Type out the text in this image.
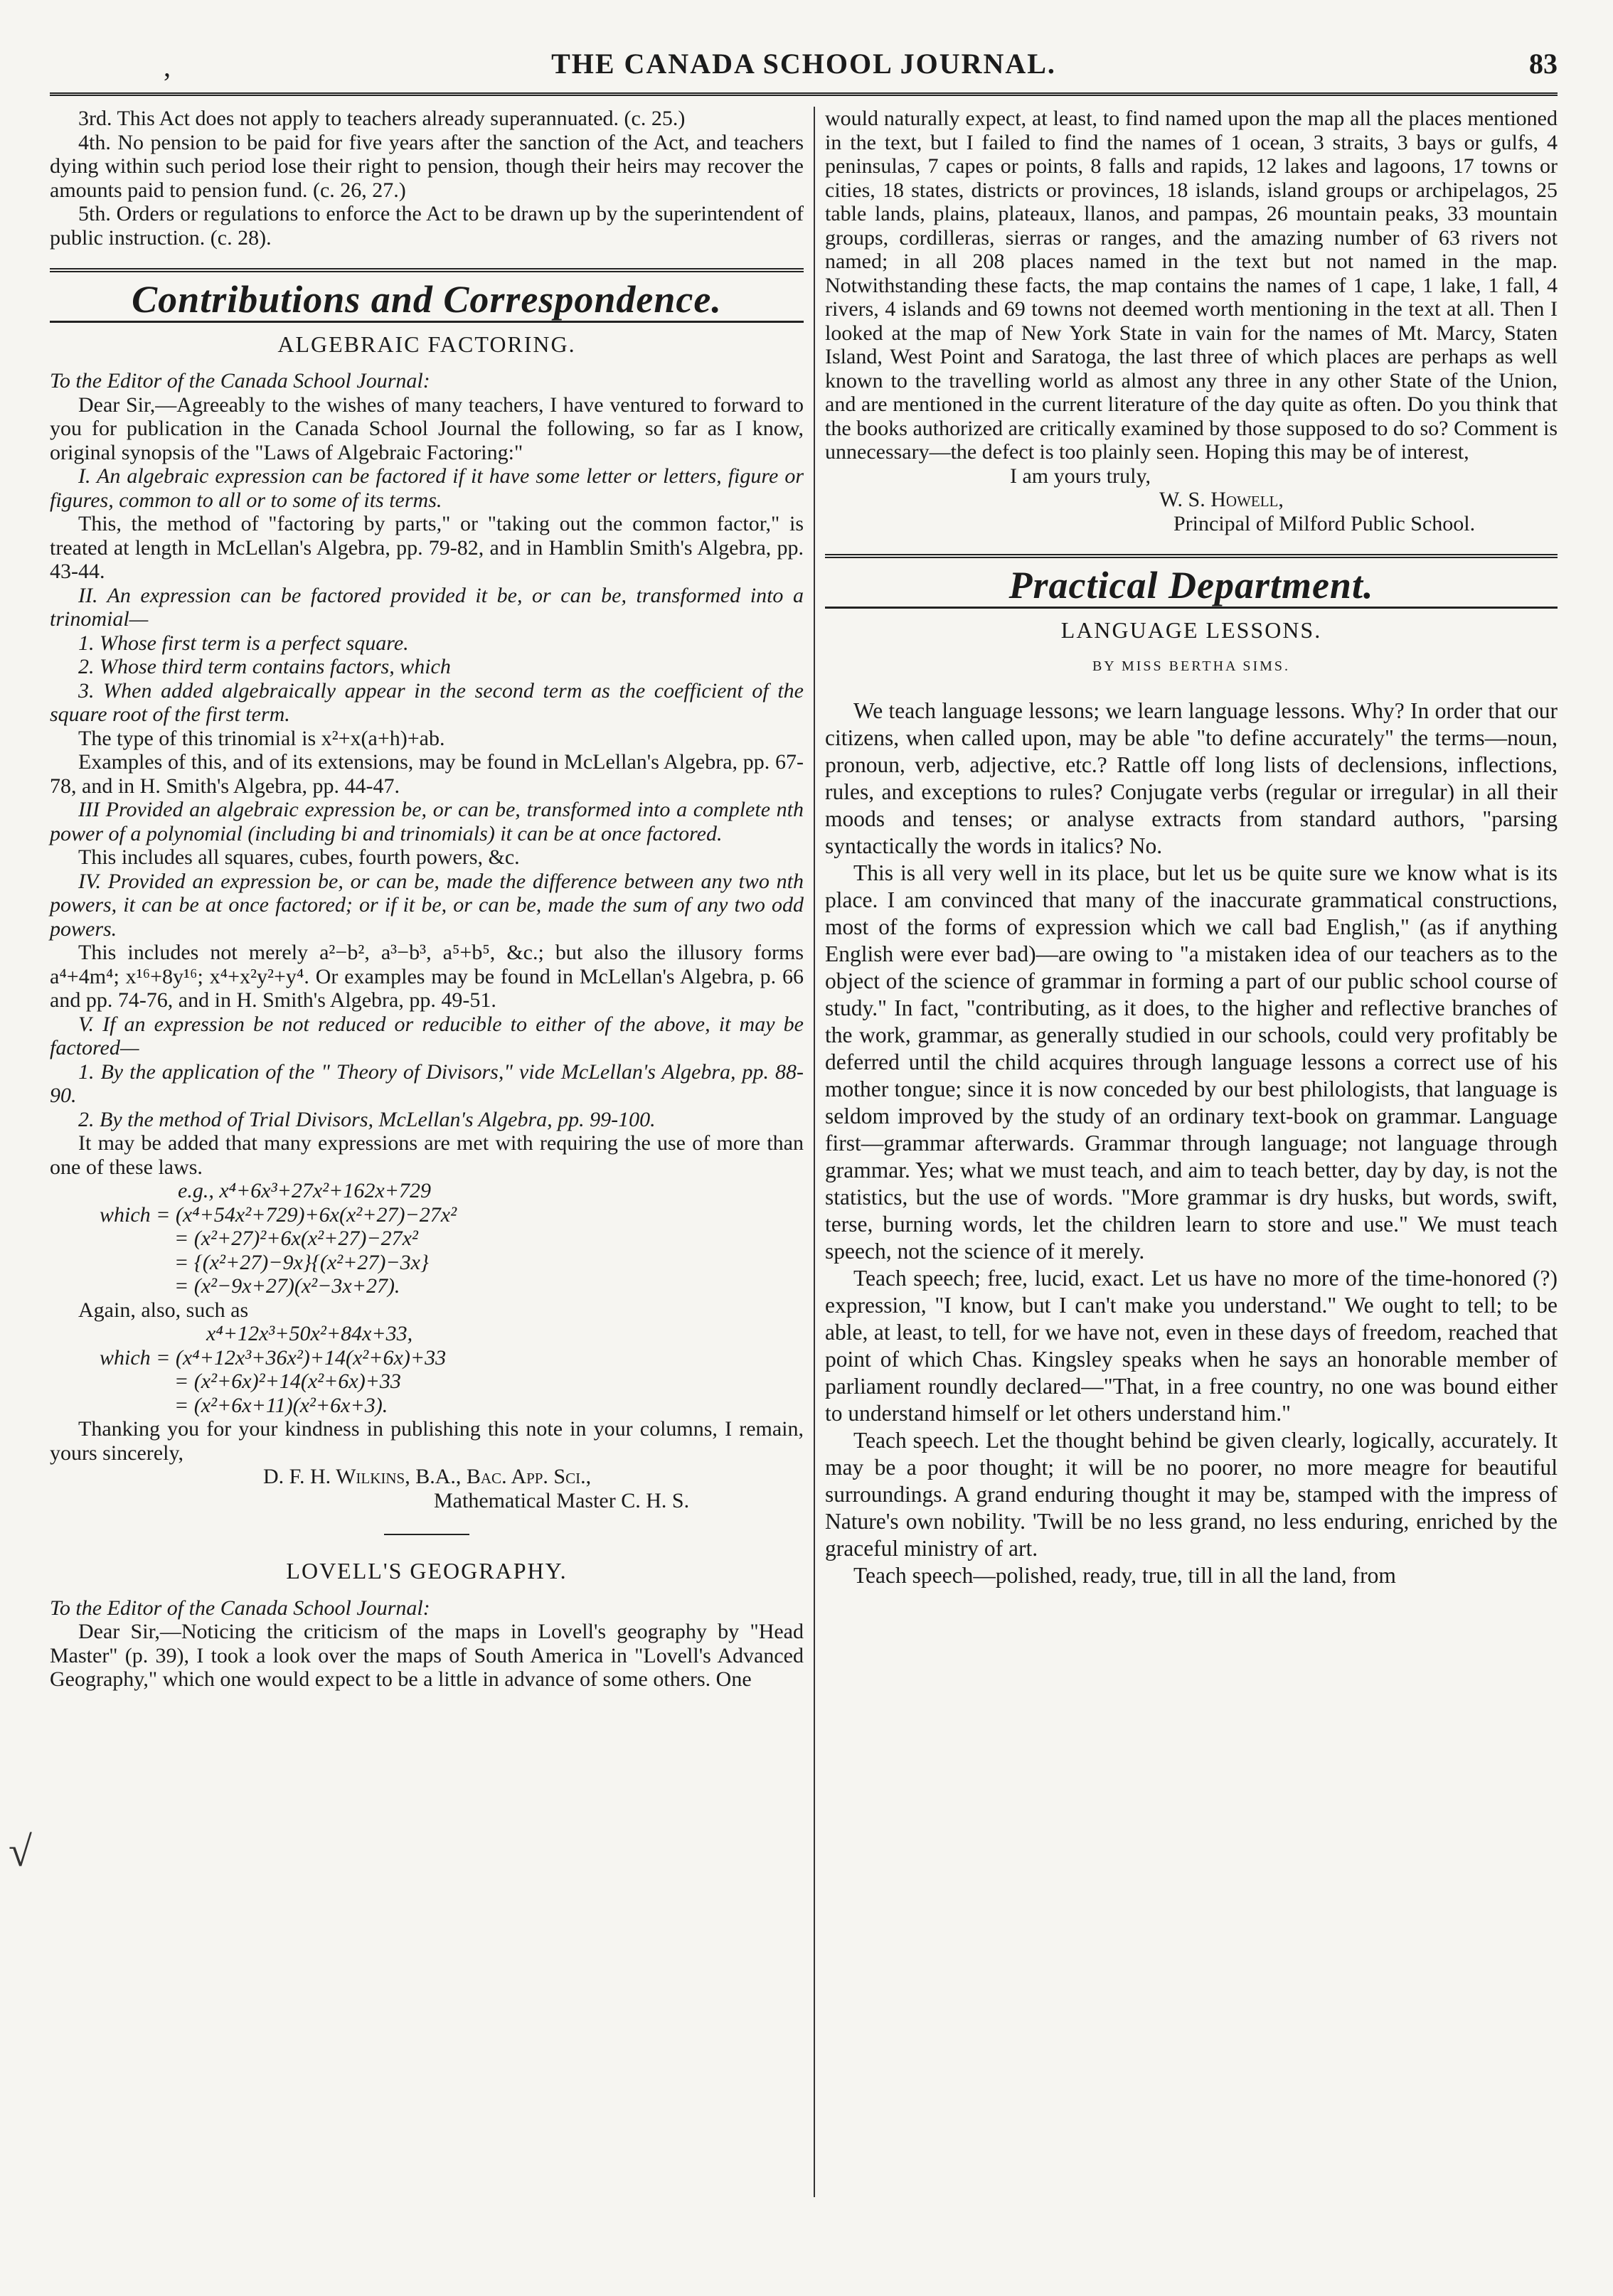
,	THE CANADA SCHOOL JOURNAL.	83
√

3rd. This Act does not apply to teachers already superannuated. (c. 25.)

4th. No pension to be paid for five years after the sanction of the Act, and teachers dying within such period lose their right to pension, though their heirs may recover the amounts paid to pension fund. (c. 26, 27.)

5th. Orders or regulations to enforce the Act to be drawn up by the superintendent of public instruction. (c. 28).

Contributions and Correspondence.
ALGEBRAIC FACTORING.

To the Editor of the Canada School Journal:

Dear Sir,—Agreeably to the wishes of many teachers, I have ventured to forward to you for publication in the Canada School Journal the following, so far as I know, original synopsis of the "Laws of Algebraic Factoring:"

I. An algebraic expression can be factored if it have some letter or letters, figure or figures, common to all or to some of its terms.

This, the method of "factoring by parts," or "taking out the common factor," is treated at length in McLellan's Algebra, pp. 79-82, and in Hamblin Smith's Algebra, pp. 43-44.

II. An expression can be factored provided it be, or can be, transformed into a trinomial—

1. Whose first term is a perfect square.

2. Whose third term contains factors, which

3. When added algebraically appear in the second term as the coefficient of the square root of the first term.

The type of this trinomial is x²+x(a+h)+ab.

Examples of this, and of its extensions, may be found in McLellan's Algebra, pp. 67-78, and in H. Smith's Algebra, pp. 44-47.

III Provided an algebraic expression be, or can be, transformed into a complete nth power of a polynomial (including bi and trinomials) it can be at once factored.

This includes all squares, cubes, fourth powers, &c.

IV. Provided an expression be, or can be, made the difference between any two nth powers, it can be at once factored; or if it be, or can be, made the sum of any two odd powers.

This includes not merely a²−b², a³−b³, a⁵+b⁵, &c.; but also the illusory forms a⁴+4m⁴; x¹⁶+8y¹⁶; x⁴+x²y²+y⁴. Or examples may be found in McLellan's Algebra, p. 66 and pp. 74-76, and in H. Smith's Algebra, pp. 49-51.

V. If an expression be not reduced or reducible to either of the above, it may be factored—

1. By the application of the " Theory of Divisors," vide McLellan's Algebra, pp. 88-90.

2. By the method of Trial Divisors, McLellan's Algebra, pp. 99-100.

It may be added that many expressions are met with requiring the use of more than one of these laws.

e.g., x⁴+6x³+27x²+162x+729

which = (x⁴+54x²+729)+6x(x²+27)−27x²

= (x²+27)²+6x(x²+27)−27x²

= {(x²+27)−9x}{(x²+27)−3x}

= (x²−9x+27)(x²−3x+27).

Again, also, such as

x⁴+12x³+50x²+84x+33,

which = (x⁴+12x³+36x²)+14(x²+6x)+33

= (x²+6x)²+14(x²+6x)+33

= (x²+6x+11)(x²+6x+3).

Thanking you for your kindness in publishing this note in your columns, I remain, yours sincerely,

D. F. H. Wilkins, B.A., Bac. App. Sci.,

Mathematical Master C. H. S.

LOVELL'S GEOGRAPHY.

To the Editor of the Canada School Journal:

Dear Sir,—Noticing the criticism of the maps in Lovell's geography by "Head Master" (p. 39), I took a look over the maps of South America in "Lovell's Advanced Geography," which one would expect to be a little in advance of some others. One

would naturally expect, at least, to find named upon the map all the places mentioned in the text, but I failed to find the names of 1 ocean, 3 straits, 3 bays or gulfs, 4 peninsulas, 7 capes or points, 8 falls and rapids, 12 lakes and lagoons, 17 towns or cities, 18 states, districts or provinces, 18 islands, island groups or archipelagos, 25 table lands, plains, plateaux, llanos, and pampas, 26 mountain peaks, 33 mountain groups, cordilleras, sierras or ranges, and the amazing number of 63 rivers not named; in all 208 places named in the text but not named in the map. Notwithstanding these facts, the map contains the names of 1 cape, 1 lake, 1 fall, 4 rivers, 4 islands and 69 towns not deemed worth mentioning in the text at all. Then I looked at the map of New York State in vain for the names of Mt. Marcy, Staten Island, West Point and Saratoga, the last three of which places are perhaps as well known to the travelling world as almost any three in any other State of the Union, and are mentioned in the current literature of the day quite as often. Do you think that the books authorized are critically examined by those supposed to do so? Comment is unnecessary—the defect is too plainly seen. Hoping this may be of interest,

I am yours truly,

W. S. Howell,

Principal of Milford Public School.

Practical Department.
LANGUAGE LESSONS.
BY MISS BERTHA SIMS.

We teach language lessons; we learn language lessons. Why? In order that our citizens, when called upon, may be able "to define accurately" the terms—noun, pronoun, verb, adjective, etc.? Rattle off long lists of declensions, inflections, rules, and exceptions to rules? Conjugate verbs (regular or irregular) in all their moods and tenses; or analyse extracts from standard authors, "parsing syntactically the words in italics? No.

This is all very well in its place, but let us be quite sure we know what is its place. I am convinced that many of the inaccurate grammatical constructions, most of the forms of expression which we call bad English," (as if anything English were ever bad)—are owing to "a mistaken idea of our teachers as to the object of the science of grammar in forming a part of our public school course of study." In fact, "contributing, as it does, to the higher and reflective branches of the work, grammar, as generally studied in our schools, could very profitably be deferred until the child acquires through language lessons a correct use of his mother tongue; since it is now conceded by our best philologists, that language is seldom improved by the study of an ordinary text-book on grammar. Language first—grammar afterwards. Grammar through language; not language through grammar. Yes; what we must teach, and aim to teach better, day by day, is not the statistics, but the use of words. "More grammar is dry husks, but words, swift, terse, burning words, let the children learn to store and use." We must teach speech, not the science of it merely.

Teach speech; free, lucid, exact. Let us have no more of the time-honored (?) expression, "I know, but I can't make you understand." We ought to tell; to be able, at least, to tell, for we have not, even in these days of freedom, reached that point of which Chas. Kingsley speaks when he says an honorable member of parliament roundly declared—"That, in a free country, no one was bound either to understand himself or let others understand him."

Teach speech. Let the thought behind be given clearly, logically, accurately. It may be a poor thought; it will be no poorer, no more meagre for beautiful surroundings. A grand enduring thought it may be, stamped with the impress of Nature's own nobility. 'Twill be no less grand, no less enduring, enriched by the graceful ministry of art.

Teach speech—polished, ready, true, till in all the land, from
